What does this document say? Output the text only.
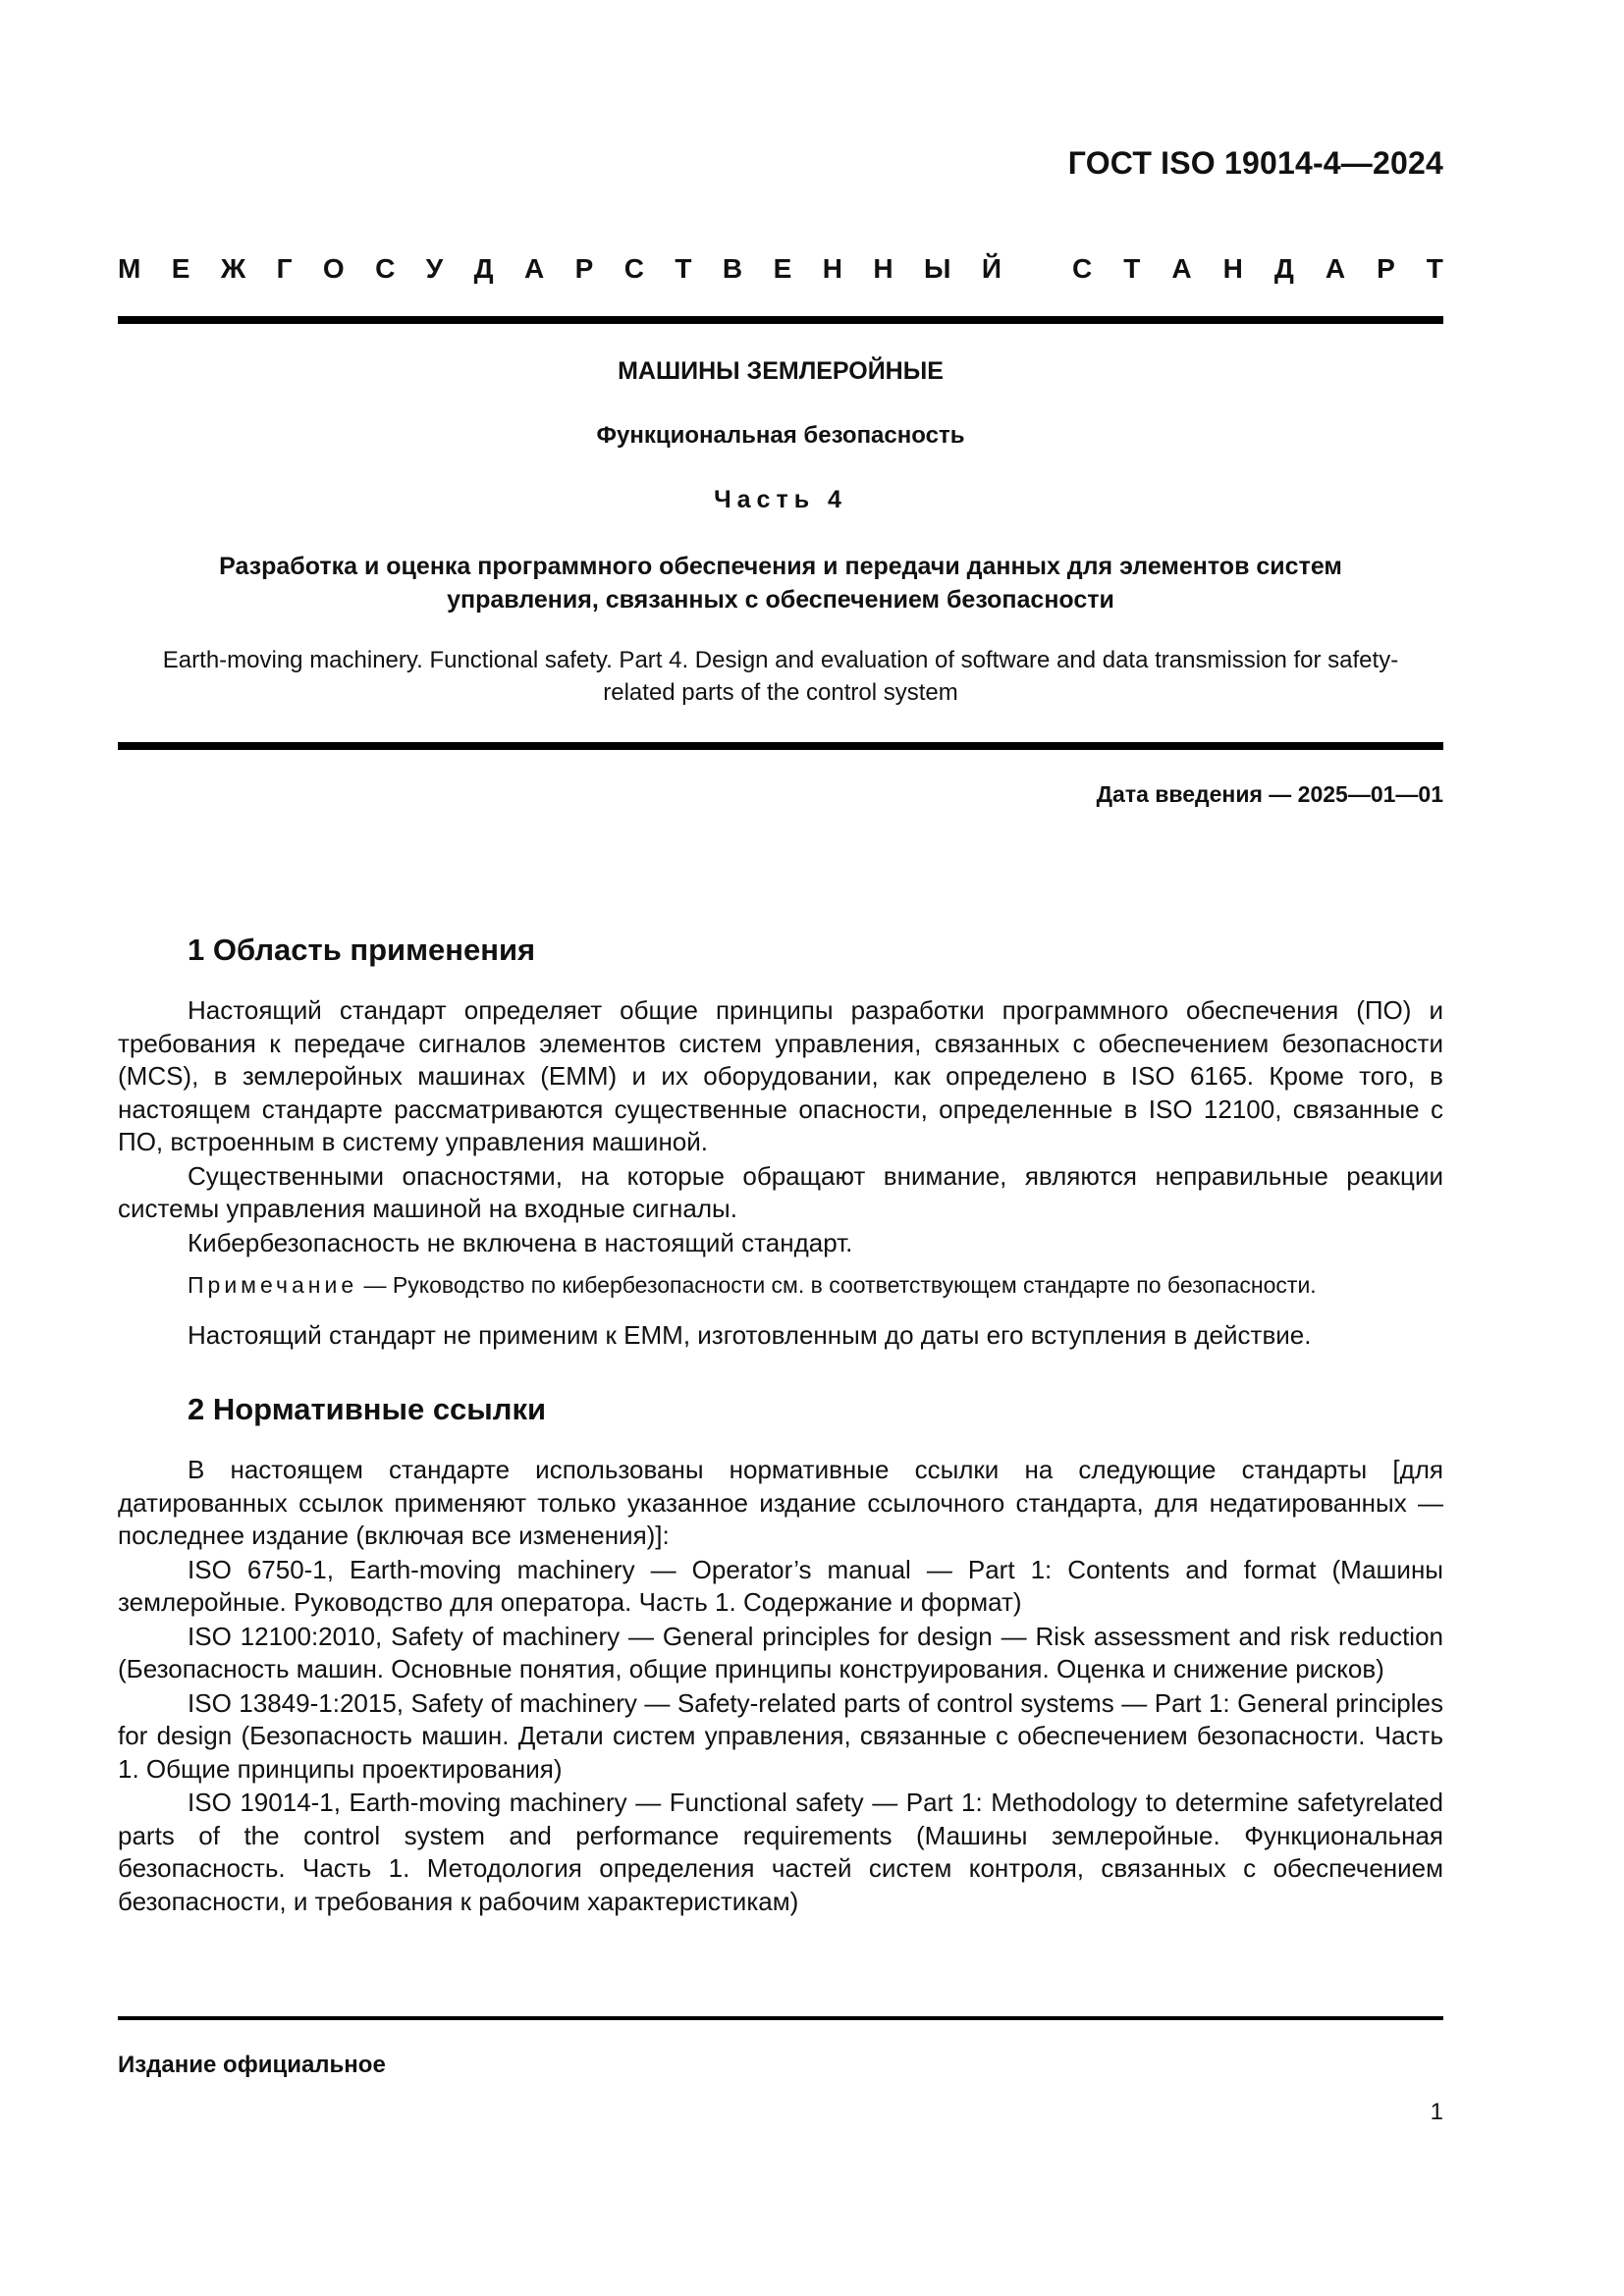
ГОСТ ISO 19014-4—2024
М Е Ж Г О С У Д А Р С Т В Е Н Н Ы Й	С Т А Н Д А Р Т
МАШИНЫ ЗЕМЛЕРОЙНЫЕ
Функциональная безопасность
Часть 4
Разработка и оценка программного обеспечения и передачи данных для элементов систем
управления, связанных с обеспечением безопасности
Earth-moving machinery. Functional safety. Part 4. Design and evaluation of software and data transmission for safety-
related parts of the control system
Дата введения — 2025—01—01
1 Область применения

Настоящий стандарт определяет общие принципы разработки программного обеспечения (ПО) и требования к передаче сигналов элементов систем управления, связанных с обеспечением безопасности (MCS), в землеройных машинах (ЕММ) и их оборудовании, как определено в ISO 6165. Кроме того, в настоящем стандарте рассматриваются существенные опасности, определенные в ISO 12100, связанные с ПО, встроенным в систему управления машиной.

Существенными опасностями, на которые обращают внимание, являются неправильные реакции системы управления машиной на входные сигналы.

Кибербезопасность не включена в настоящий стандарт.

Примечание — Руководство по кибербезопасности см. в соответствующем стандарте по безопасности.
Настоящий стандарт не применим к ЕММ, изготовленным до даты его вступления в действие.
2 Нормативные ссылки

В настоящем стандарте использованы нормативные ссылки на следующие стандарты [для датированных ссылок применяют только указанное издание ссылочного стандарта, для недатированных — последнее издание (включая все изменения)]:

ISO 6750-1, Earth-moving machinery — Operator’s manual — Part 1: Contents and format (Машины землеройные. Руководство для оператора. Часть 1. Содержание и формат)

ISO 12100:2010, Safety of machinery — General principles for design — Risk assessment and risk reduction (Безопасность машин. Основные понятия, общие принципы конструирования. Оценка и снижение рисков)

ISO 13849-1:2015, Safety of machinery — Safety-related parts of control systems — Part 1: General principles for design (Безопасность машин. Детали систем управления, связанные с обеспечением безопасности. Часть 1. Общие принципы проектирования)

ISO 19014-1, Earth-moving machinery — Functional safety — Part 1: Methodology to determine safetyrelated parts of the control system and performance requirements (Машины землеройные. Функциональная безопасность. Часть 1. Методология определения частей систем контроля, связанных с обеспечением безопасности, и требования к рабочим характеристикам)

Издание официальное
1
